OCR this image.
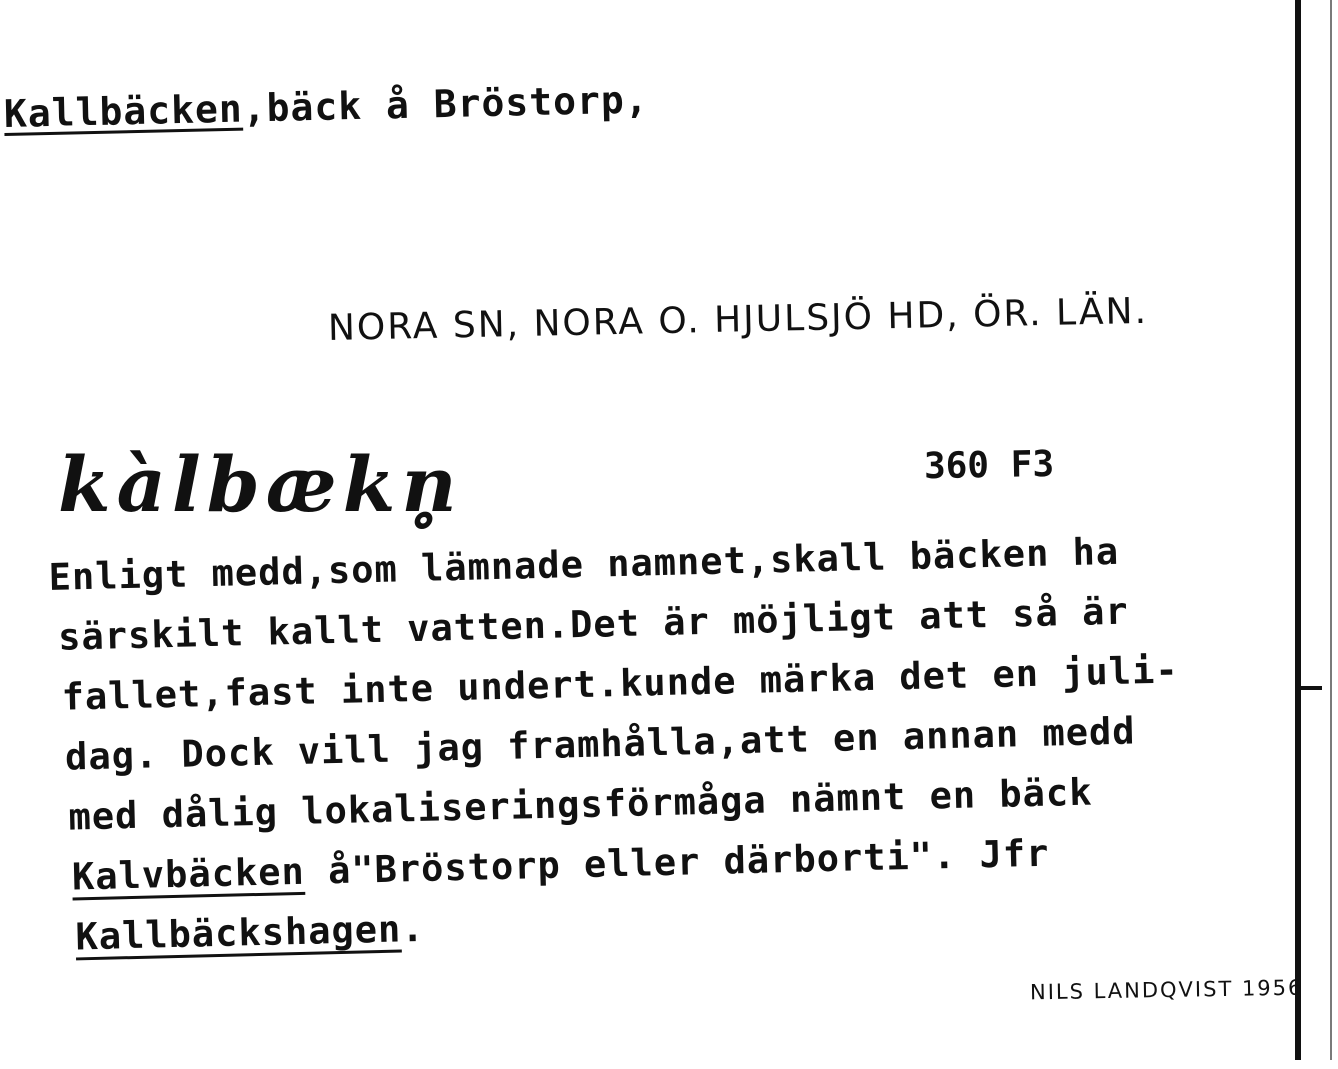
Kallbäcken,bäck å Bröstorp,
NORA SN, NORA O. HJULSJÖ HD, ÖR. LÄN.
kàlbækn̥	360 F3
Enligt medd,som lämnade namnet,skall bäcken ha
särskilt kallt vatten.Det är möjligt att så är
fallet,fast inte undert.kunde märka det en juli-
dag. Dock vill jag framhålla,att en annan medd
med dålig lokaliseringsförmåga nämnt en bäck
Kalvbäcken å"Bröstorp eller därborti". Jfr
Kallbäckshagen.
NILS LANDQVIST 1956
